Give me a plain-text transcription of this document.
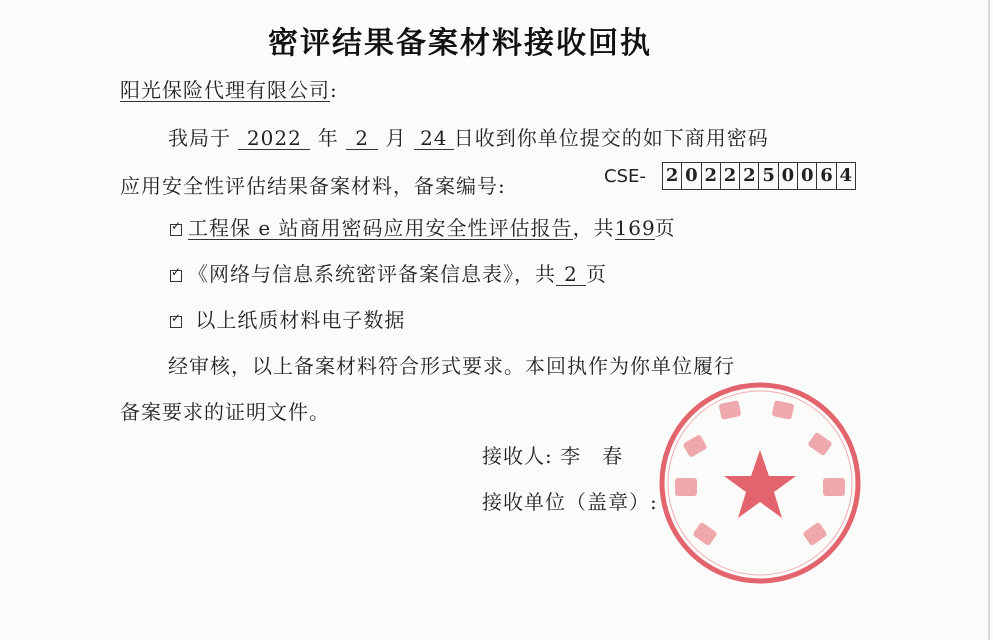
密评结果备案材料接收回执
阳光保险代理有限公司:
我局于 2022 年 2 月 24 日收到你单位提交的如下商用密码
应用安全性评估结果备案材料，备案编号:	CSE- 2 0 2 2 2 5 0 0 6 4
✓工程保 e 站商用密码应用安全性评估报告，共169页
✓《网络与信息系统密评备案信息表》，共 2 页
✓ 以上纸质材料电子数据
经审核，以上备案材料符合形式要求。本回执作为你单位履行
备案要求的证明文件。
接收人: 李　春
接收单位（盖章）:
